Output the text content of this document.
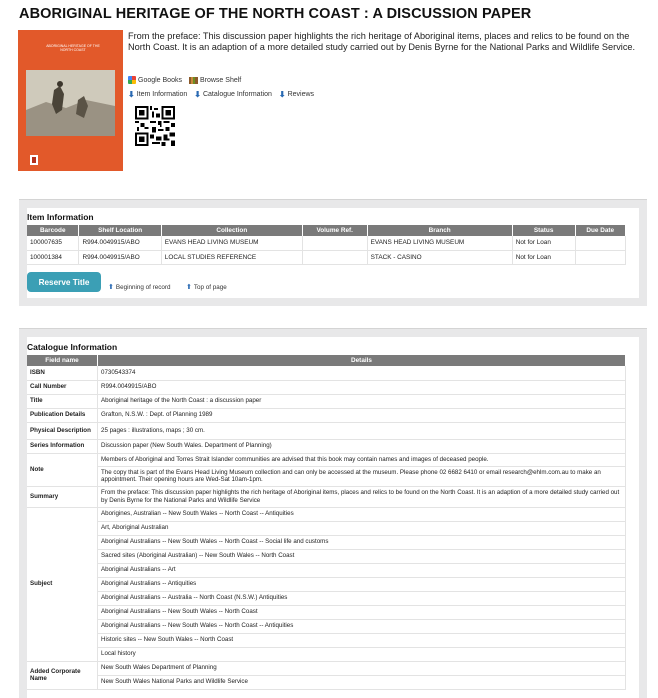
ABORIGINAL HERITAGE OF THE NORTH COAST : A DISCUSSION PAPER
ABORIGINAL HERITAGE OF THE NORTH COAST
From the preface: This discussion paper highlights the rich heritage of Aboriginal items, places and relics to be found on the North Coast. It is an adaption of a more detailed study carried out by Denis Byrne for the National Parks and Wildlife Service.
Google Books	Browse Shelf
⬇ Item Information ⬇ Catalogue Information ⬇ Reviews
Item Information
Barcode	Shelf Location	Collection	Volume Ref.	Branch	Status	Due Date
100007635	R994.0049915/ABO	EVANS HEAD LIVING MUSEUM		EVANS HEAD LIVING MUSEUM	Not for Loan	
100001384	R994.0049915/ABO	LOCAL STUDIES REFERENCE		STACK - CASINO	Not for Loan	
Reserve Title
⬆ Beginning of record ⬆ Top of page
Catalogue Information
Field name	Details
ISBN	0730543374
Call Number	R994.0049915/ABO
Title	Aboriginal heritage of the North Coast : a discussion paper
Publication Details	Grafton, N.S.W. : Dept. of Planning 1989
Physical Description	25 pages : illustrations, maps ; 30 cm.
Series Information	Discussion paper (New South Wales. Department of Planning)
Note	Members of Aboriginal and Torres Strait Islander communities are advised that this book may contain names and images of deceased people.
	The copy that is part of the Evans Head Living Museum collection and can only be accessed at the museum. Please phone 02 6682 6410 or email research@ehlm.com.au to make an appointment. Their opening hours are Wed-Sat 10am-1pm.
Summary	From the preface: This discussion paper highlights the rich heritage of Aboriginal items, places and relics to be found on the North Coast. It is an adaption of a more detailed study carried out by Denis Byrne for the National Parks and Wildlife Service
Subject	Aborigines, Australian -- New South Wales -- North Coast -- Antiquities
	Art, Aboriginal Australian
	Aboriginal Australians -- New South Wales -- North Coast -- Social life and customs
	Sacred sites (Aboriginal Australian) -- New South Wales -- North Coast
	Aboriginal Australians -- Art
	Aboriginal Australians -- Antiquities
	Aboriginal Australians -- Australia -- North Coast (N.S.W.) Antiquities
	Aboriginal Australians -- New South Wales -- North Coast
	Aboriginal Australians -- New South Wales -- North Coast -- Antiquities
	Historic sites -- New South Wales -- North Coast
	Local history
Added Corporate Name	New South Wales Department of Planning
	New South Wales National Parks and Wildlife Service
